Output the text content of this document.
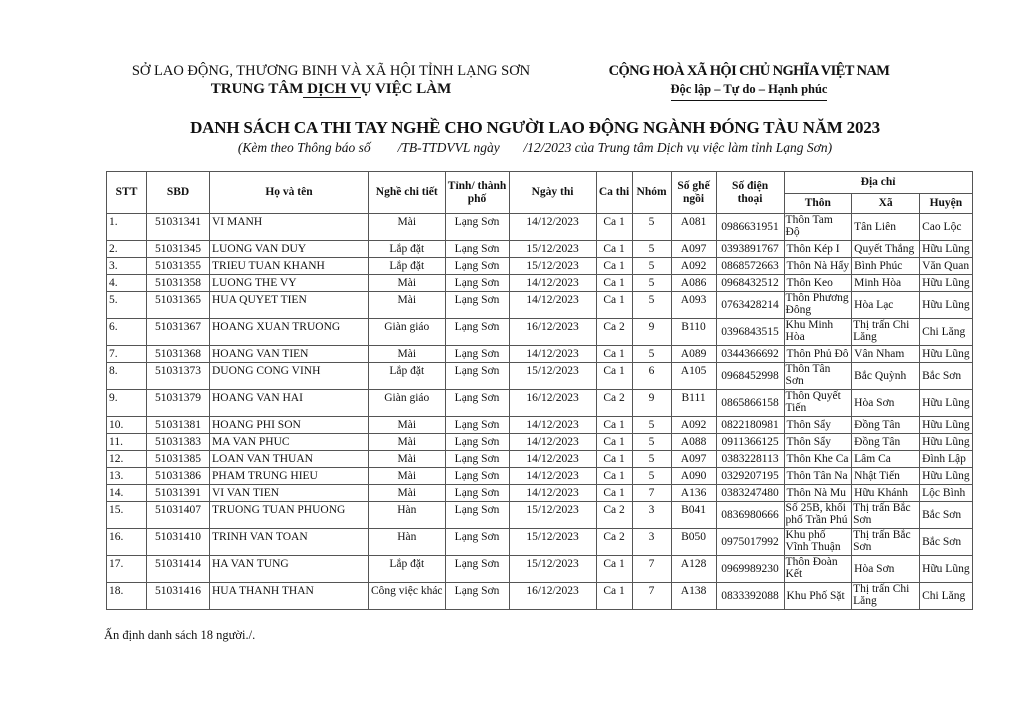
SỞ LAO ĐỘNG, THƯƠNG BINH VÀ XÃ HỘI TỈNH LẠNG SƠN
TRUNG TÂM DỊCH VỤ VIỆC LÀM
CỘNG HOÀ XÃ HỘI CHỦ NGHĨA VIỆT NAM
Độc lập – Tự do – Hạnh phúc
DANH SÁCH CA THI TAY NGHỀ CHO NGƯỜI LAO ĐỘNG NGÀNH ĐÓNG TÀU NĂM 2023
(Kèm theo Thông báo số        /TB-TTDVVL ngày       /12/2023 của Trung tâm Dịch vụ việc làm tỉnh Lạng Sơn)
STT	SBD	Họ và tên	Nghề chi tiết	Tỉnh/ thành phố	Ngày thi	Ca thi	Nhóm	Số ghế ngồi	Số điện thoại	Địa chỉ		
										Thôn	Xã	Huyện
1.	51031341	VI MANH	Mài	Lạng Sơn	14/12/2023	Ca 1	5	A081	0986631951	Thôn Tam Độ	Tân Liên	Cao Lộc
2.	51031345	LUONG VAN DUY	Lắp đặt	Lạng Sơn	15/12/2023	Ca 1	5	A097	0393891767	Thôn Kép I	Quyết Thắng	Hữu Lũng
3.	51031355	TRIEU TUAN KHANH	Lắp đặt	Lạng Sơn	15/12/2023	Ca 1	5	A092	0868572663	Thôn Nà Hẩy	Bình Phúc	Văn Quan
4.	51031358	LUONG THE VY	Mài	Lạng Sơn	14/12/2023	Ca 1	5	A086	0968432512	Thôn Keo	Minh Hòa	Hữu Lũng
5.	51031365	HUA QUYET TIEN	Mài	Lạng Sơn	14/12/2023	Ca 1	5	A093	0763428214	Thôn Phương Đông	Hòa Lạc	Hữu Lũng
6.	51031367	HOANG XUAN TRUONG	Giàn giáo	Lạng Sơn	16/12/2023	Ca 2	9	B110	0396843515	Khu Minh Hòa	Thị trấn Chi Lăng	Chi Lăng
7.	51031368	HOANG VAN TIEN	Mài	Lạng Sơn	14/12/2023	Ca 1	5	A089	0344366692	Thôn Phủ Đô	Vân Nham	Hữu Lũng
8.	51031373	DUONG CONG VINH	Lắp đặt	Lạng Sơn	15/12/2023	Ca 1	6	A105	0968452998	Thôn Tân Sơn	Bắc Quỳnh	Bắc Sơn
9.	51031379	HOANG VAN HAI	Giàn giáo	Lạng Sơn	16/12/2023	Ca 2	9	B111	0865866158	Thôn Quyết Tiến	Hòa Sơn	Hữu Lũng
10.	51031381	HOANG PHI SON	Mài	Lạng Sơn	14/12/2023	Ca 1	5	A092	0822180981	Thôn Sẩy	Đồng Tân	Hữu Lũng
11.	51031383	MA VAN PHUC	Mài	Lạng Sơn	14/12/2023	Ca 1	5	A088	0911366125	Thôn Sẩy	Đồng Tân	Hữu Lũng
12.	51031385	LOAN VAN THUAN	Mài	Lạng Sơn	14/12/2023	Ca 1	5	A097	0383228113	Thôn Khe Ca	Lâm Ca	Đình Lập
13.	51031386	PHAM TRUNG HIEU	Mài	Lạng Sơn	14/12/2023	Ca 1	5	A090	0329207195	Thôn Tân Na	Nhật Tiến	Hữu Lũng
14.	51031391	VI VAN TIEN	Mài	Lạng Sơn	14/12/2023	Ca 1	7	A136	0383247480	Thôn Nà Mu	Hữu Khánh	Lộc Bình
15.	51031407	TRUONG TUAN PHUONG	Hàn	Lạng Sơn	15/12/2023	Ca 2	3	B041	0836980666	Số 25B, khối phố Trần Phú	Thị trấn Bắc Sơn	Bắc Sơn
16.	51031410	TRINH VAN TOAN	Hàn	Lạng Sơn	15/12/2023	Ca 2	3	B050	0975017992	Khu phố Vĩnh Thuận	Thị trấn Bắc Sơn	Bắc Sơn
17.	51031414	HA VAN TUNG	Lắp đặt	Lạng Sơn	15/12/2023	Ca 1	7	A128	0969989230	Thôn Đoàn Kết	Hòa Sơn	Hữu Lũng
18.	51031416	HUA THANH THAN	Công việc khác	Lạng Sơn	16/12/2023	Ca 1	7	A138	0833392088	Khu Phố Sặt	Thị trấn Chi Lăng	Chi Lăng
Ấn định danh sách 18 người./.
